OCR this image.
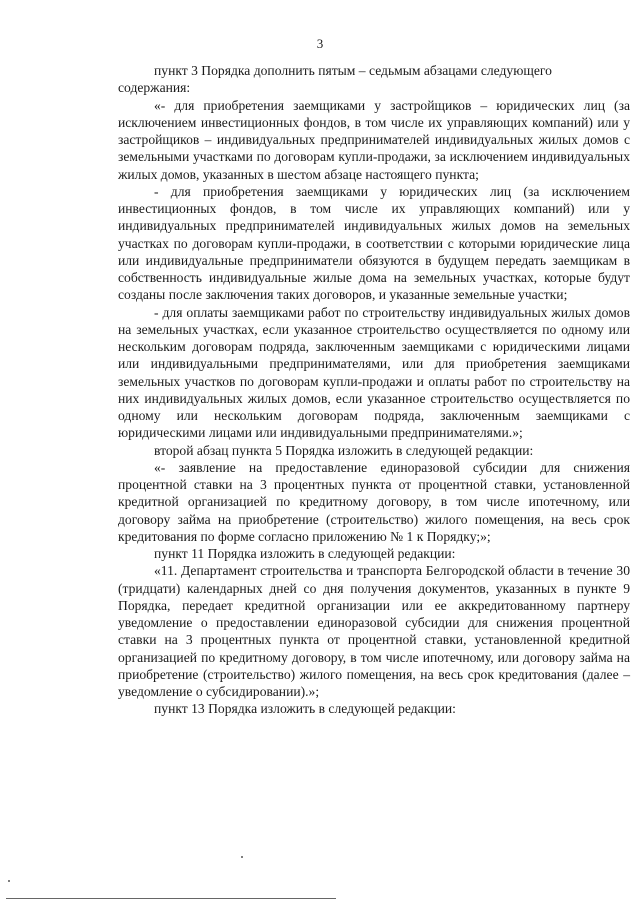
3

пункт 3 Порядка дополнить пятым – седьмым абзацами следующего

содержания:

«- для приобретения заемщиками у застройщиков – юридических лиц (за исключением инвестиционных фондов, в том числе их управляющих компаний) или у застройщиков – индивидуальных предпринимателей индивидуальных жилых домов с земельными участками по договорам купли-продажи, за исключением индивидуальных жилых домов, указанных в шестом абзаце настоящего пункта;

- для приобретения заемщиками у юридических лиц (за исключением инвестиционных фондов, в том числе их управляющих компаний) или у индивидуальных предпринимателей индивидуальных жилых домов на земельных участках по договорам купли-продажи, в соответствии с которыми юридические лица или индивидуальные предприниматели обязуются в будущем передать заемщикам в собственность индивидуальные жилые дома на земельных участках, которые будут созданы после заключения таких договоров, и указанные земельные участки;

- для оплаты заемщиками работ по строительству индивидуальных жилых домов на земельных участках, если указанное строительство осуществляется по одному или нескольким договорам подряда, заключенным заемщиками с юридическими лицами или индивидуальными предпринимателями, или для приобретения заемщиками земельных участков по договорам купли-продажи и оплаты работ по строительству на них индивидуальных жилых домов, если указанное строительство осуществляется по одному или нескольким договорам подряда, заключенным заемщиками с юридическими лицами или индивидуальными предпринимателями.»;

второй абзац пункта 5 Порядка изложить в следующей редакции:

«- заявление на предоставление единоразовой субсидии для снижения процентной ставки на 3 процентных пункта от процентной ставки, установленной кредитной организацией по кредитному договору, в том числе ипотечному, или договору займа на приобретение (строительство) жилого помещения, на весь срок кредитования по форме согласно приложению № 1 к Порядку;»;

пункт 11 Порядка изложить в следующей редакции:

«11. Департамент строительства и транспорта Белгородской области в течение 30 (тридцати) календарных дней со дня получения документов, указанных в пункте 9 Порядка, передает кредитной организации или ее аккредитованному партнеру уведомление о предоставлении единоразовой субсидии для снижения процентной ставки на 3 процентных пункта от процентной ставки, установленной кредитной организацией по кредитному договору, в том числе ипотечному, или договору займа на приобретение (строительство) жилого помещения, на весь срок кредитования (далее – уведомление о субсидировании).»;

пункт 13 Порядка изложить в следующей редакции:
